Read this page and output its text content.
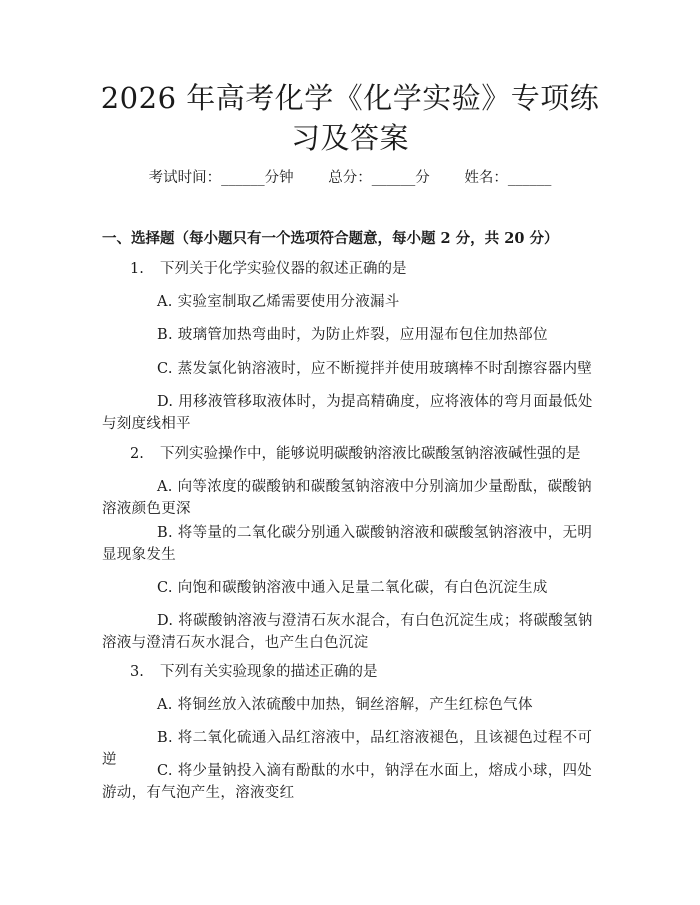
2026 年高考化学《化学实验》专项练习及答案
考试时间：______分钟 总分：______分 姓名：______
一、选择题（每小题只有一个选项符合题意，每小题 2 分，共 20 分）
1. 下列关于化学实验仪器的叙述正确的是
A. 实验室制取乙烯需要使用分液漏斗
B. 玻璃管加热弯曲时，为防止炸裂，应用湿布包住加热部位
C. 蒸发氯化钠溶液时，应不断搅拌并使用玻璃棒不时刮擦容器内壁
D. 用移液管移取液体时，为提高精确度，应将液体的弯月面最低处与刻度线相平
2. 下列实验操作中，能够说明碳酸钠溶液比碳酸氢钠溶液碱性强的是
A. 向等浓度的碳酸钠和碳酸氢钠溶液中分别滴加少量酚酞，碳酸钠溶液颜色更深
B. 将等量的二氧化碳分别通入碳酸钠溶液和碳酸氢钠溶液中，无明显现象发生
C. 向饱和碳酸钠溶液中通入足量二氧化碳，有白色沉淀生成
D. 将碳酸钠溶液与澄清石灰水混合，有白色沉淀生成；将碳酸氢钠溶液与澄清石灰水混合，也产生白色沉淀
3. 下列有关实验现象的描述正确的是
A. 将铜丝放入浓硫酸中加热，铜丝溶解，产生红棕色气体
B. 将二氧化硫通入品红溶液中，品红溶液褪色，且该褪色过程不可逆
C. 将少量钠投入滴有酚酞的水中，钠浮在水面上，熔成小球，四处游动，有气泡产生，溶液变红
